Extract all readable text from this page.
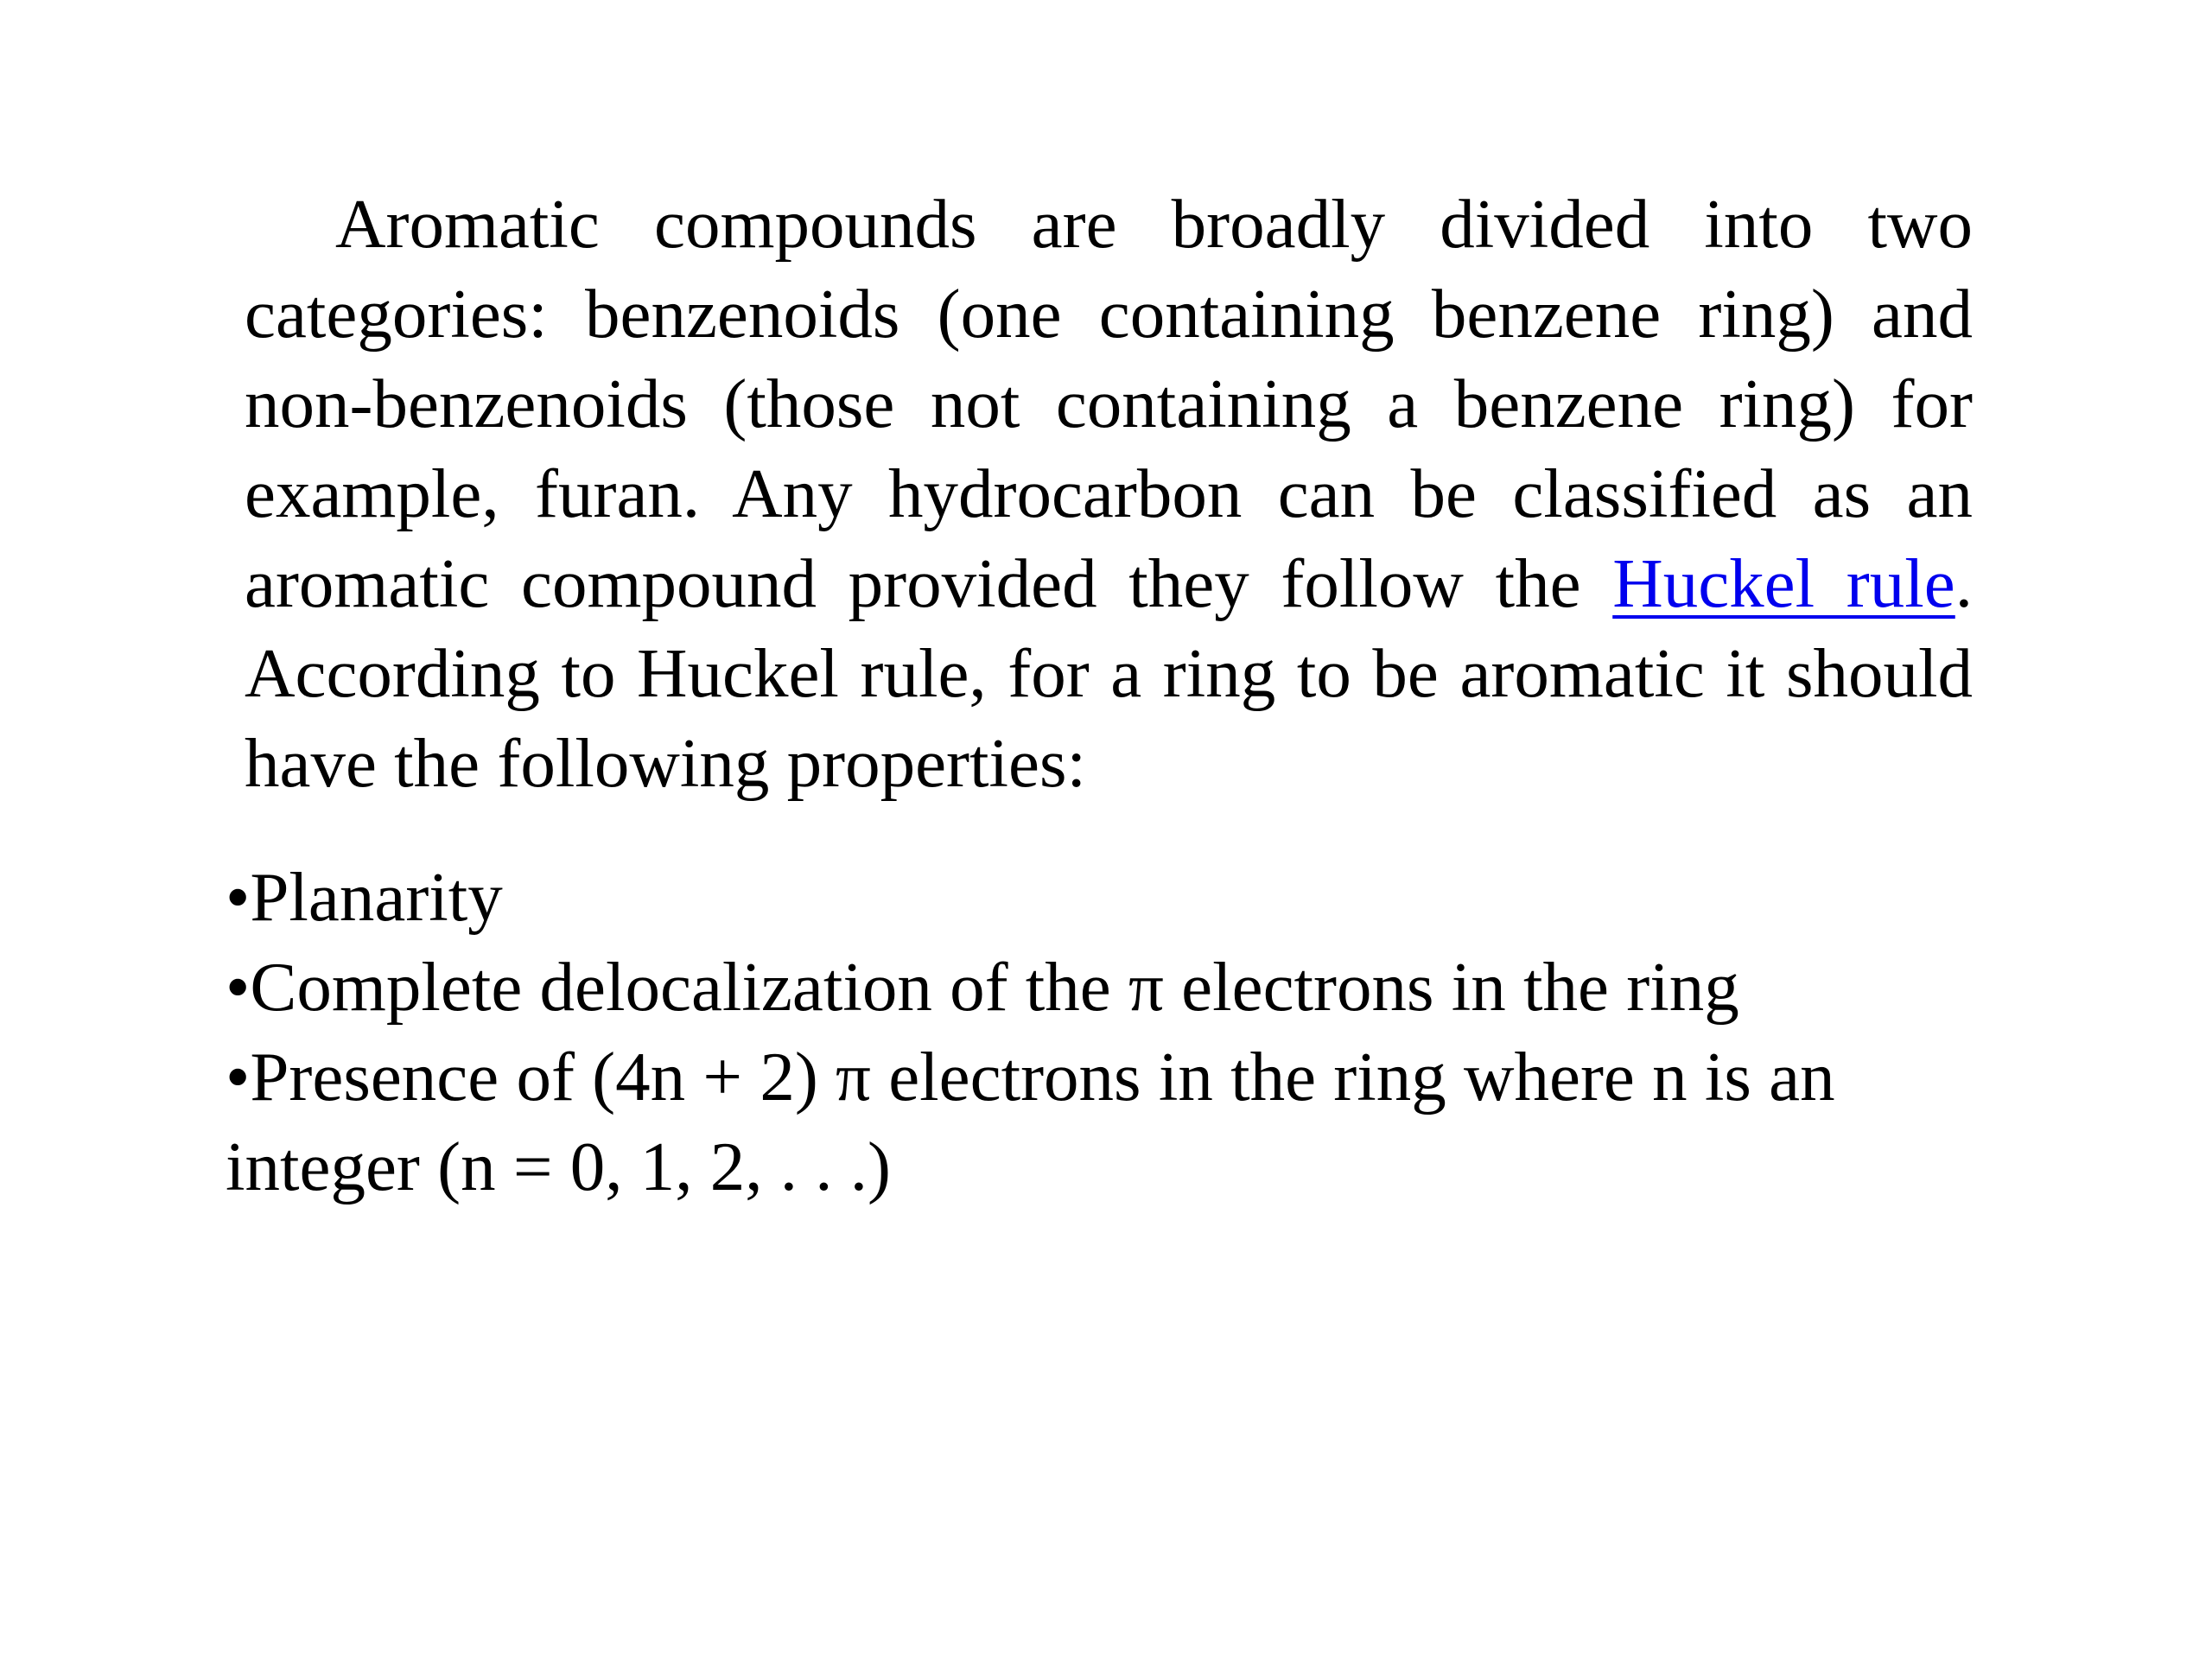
Aromatic compounds are broadly divided into two categories: benzenoids (one containing benzene ring) and non-benzenoids (those not containing a benzene ring) for example, furan. Any hydrocarbon can be classified as an aromatic compound provided they follow the Huckel rule. According to Huckel rule, for a ring to be aromatic it should have the following properties:

•Planarity
•Complete delocalization of the π electrons in the ring
•Presence of (4n + 2) π electrons in the ring where n is an integer (n = 0, 1, 2, . . .)
